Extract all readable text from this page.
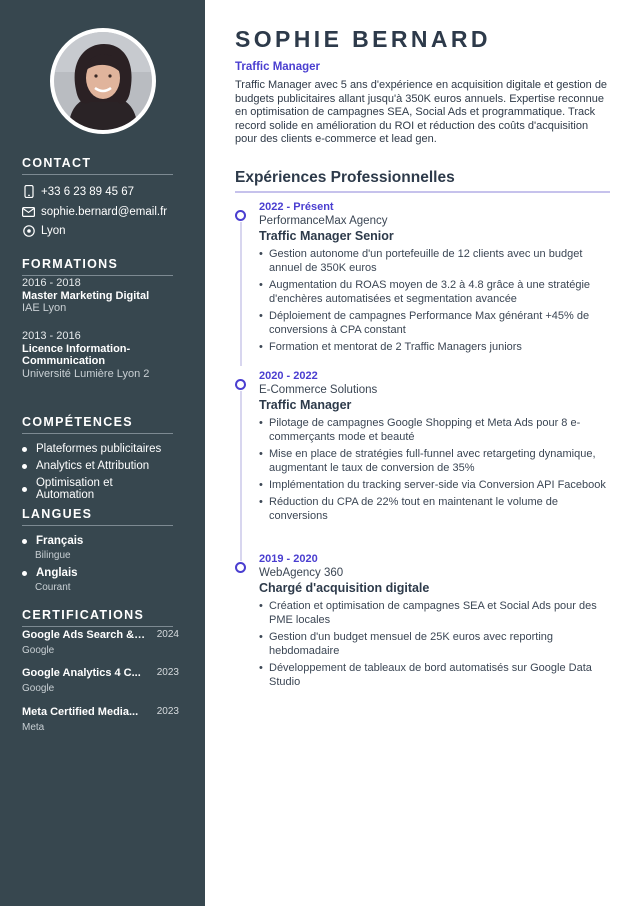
CONTACT
+33 6 23 89 45 67
sophie.bernard@email.fr
Lyon
FORMATIONS
2016 - 2018
Master Marketing Digital
IAE Lyon
2013 - 2016
Licence Information-Communication
Université Lumière Lyon 2
COMPÉTENCES
Plateformes publicitaires
Analytics et Attribution
Optimisation et Automation
LANGUES
Français
Bilingue
Anglais
Courant
CERTIFICATIONS
Google Ads Search & ...	2024
Google
Google Analytics 4 C...	2023
Google
Meta Certified Media...	2023
Meta
SOPHIE BERNARD
Traffic Manager

Traffic Manager avec 5 ans d'expérience en acquisition digitale et gestion de budgets publicitaires allant jusqu'à 350K euros annuels. Expertise reconnue en optimisation de campagnes SEA, Social Ads et programmatique. Track record solide en amélioration du ROI et réduction des coûts d'acquisition pour des clients e-commerce et lead gen.

Expériences Professionnelles
2022 - Présent
PerformanceMax Agency
Traffic Manager Senior
• Gestion autonome d'un portefeuille de 12 clients avec un budget annuel de 350K euros
• Augmentation du ROAS moyen de 3.2 à 4.8 grâce à une stratégie d'enchères automatisées et segmentation avancée
• Déploiement de campagnes Performance Max générant +45% de conversions à CPA constant
• Formation et mentorat de 2 Traffic Managers juniors
2020 - 2022
E-Commerce Solutions
Traffic Manager
• Pilotage de campagnes Google Shopping et Meta Ads pour 8 e-commerçants mode et beauté
• Mise en place de stratégies full-funnel avec retargeting dynamique, augmentant le taux de conversion de 35%
• Implémentation du tracking server-side via Conversion API Facebook
• Réduction du CPA de 22% tout en maintenant le volume de conversions
2019 - 2020
WebAgency 360
Chargé d'acquisition digitale
• Création et optimisation de campagnes SEA et Social Ads pour des PME locales
• Gestion d'un budget mensuel de 25K euros avec reporting hebdomadaire
• Développement de tableaux de bord automatisés sur Google Data Studio
